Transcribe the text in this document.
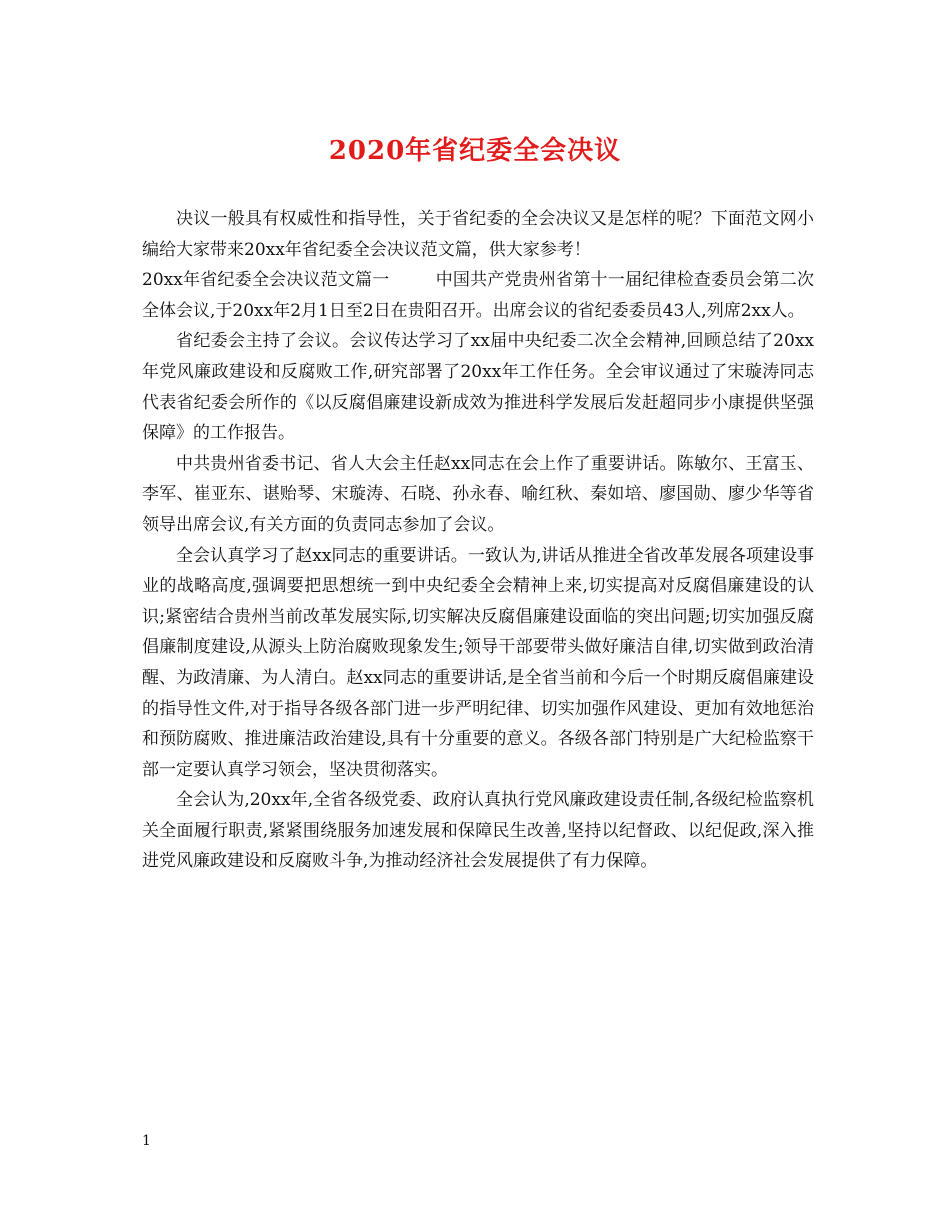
2020年省纪委全会决议

决议一般具有权威性和指导性，关于省纪委的全会决议又是怎样的呢？下面范文网小编给大家带来20xx年省纪委全会决议范文篇，供大家参考！

20xx年省纪委全会决议范文篇一	中国共产党贵州省第十一届纪律检查委员会第二次全体会议,于20xx年2月1日至2日在贵阳召开。出席会议的省纪委委员43人,列席2xx人。

省纪委会主持了会议。会议传达学习了xx届中央纪委二次全会精神,回顾总结了20xx年党风廉政建设和反腐败工作,研究部署了20xx年工作任务。全会审议通过了宋璇涛同志代表省纪委会所作的《以反腐倡廉建设新成效为推进科学发展后发赶超同步小康提供坚强保障》的工作报告。

中共贵州省委书记、省人大会主任赵xx同志在会上作了重要讲话。陈敏尔、王富玉、李军、崔亚东、谌贻琴、宋璇涛、石晓、孙永春、喻红秋、秦如培、廖国勋、廖少华等省领导出席会议,有关方面的负责同志参加了会议。

全会认真学习了赵xx同志的重要讲话。一致认为,讲话从推进全省改革发展各项建设事业的战略高度,强调要把思想统一到中央纪委全会精神上来,切实提高对反腐倡廉建设的认识;紧密结合贵州当前改革发展实际,切实解决反腐倡廉建设面临的突出问题;切实加强反腐倡廉制度建设,从源头上防治腐败现象发生;领导干部要带头做好廉洁自律,切实做到政治清醒、为政清廉、为人清白。赵xx同志的重要讲话,是全省当前和今后一个时期反腐倡廉建设的指导性文件,对于指导各级各部门进一步严明纪律、切实加强作风建设、更加有效地惩治和预防腐败、推进廉洁政治建设,具有十分重要的意义。各级各部门特别是广大纪检监察干部一定要认真学习领会，坚决贯彻落实。

全会认为,20xx年,全省各级党委、政府认真执行党风廉政建设责任制,各级纪检监察机关全面履行职责,紧紧围绕服务加速发展和保障民生改善,坚持以纪督政、以纪促政,深入推进党风廉政建设和反腐败斗争,为推动经济社会发展提供了有力保障。

1
